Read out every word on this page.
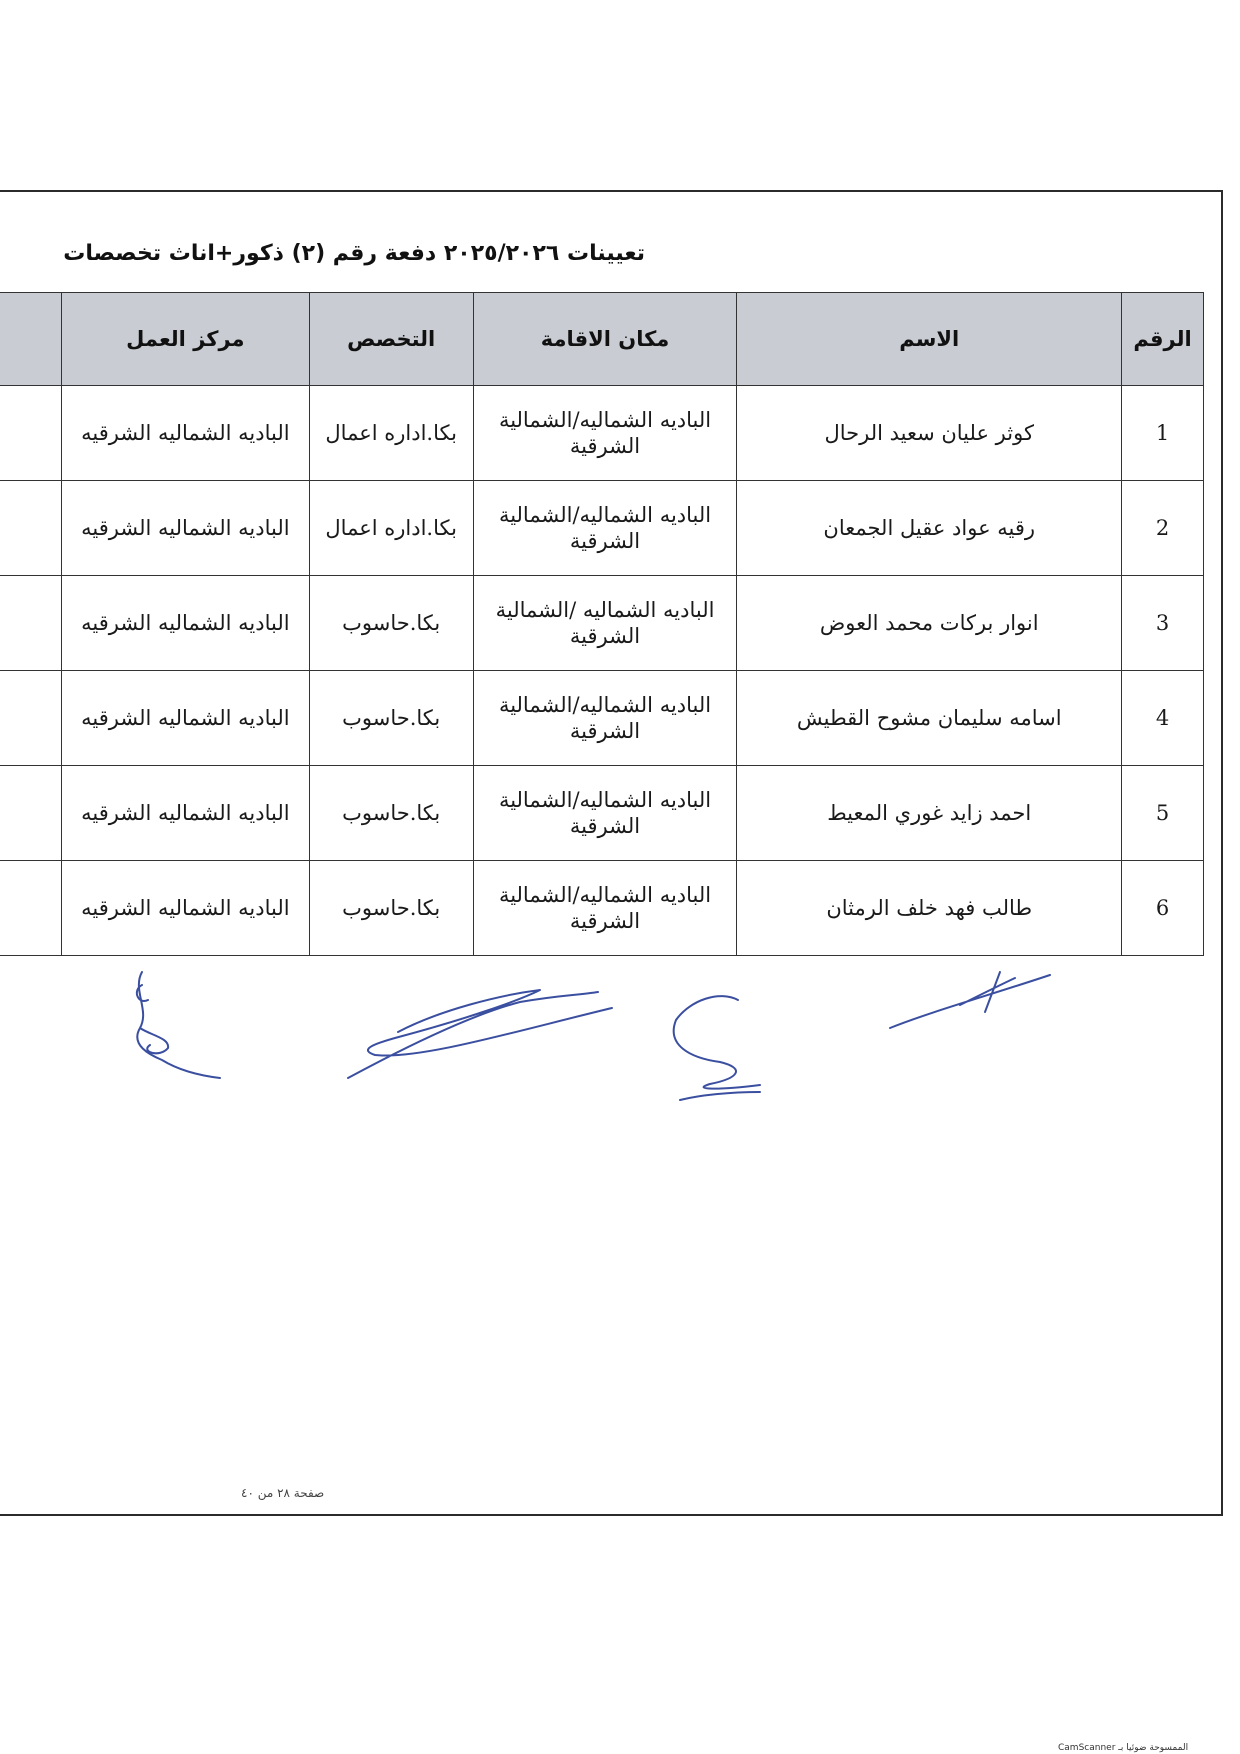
تعيينات ٢٠٢٥/٢٠٢٦ دفعة رقم (٢) ذكور+اناث تخصصات
الرقم	الاسم	مكان الاقامة	التخصص	مركز العمل	
1	كوثر عليان سعيد الرحال	الباديه الشماليه/الشمالية الشرقية	بكا.اداره اعمال	الباديه الشماليه الشرقيه	
2	رقيه عواد عقيل الجمعان	الباديه الشماليه/الشمالية الشرقية	بكا.اداره اعمال	الباديه الشماليه الشرقيه	
3	انوار بركات محمد العوض	الباديه الشماليه /الشمالية الشرقية	بكا.حاسوب	الباديه الشماليه الشرقيه	
4	اسامه سليمان مشوح القطيش	الباديه الشماليه/الشمالية الشرقية	بكا.حاسوب	الباديه الشماليه الشرقيه	
5	احمد زايد غوري المعيط	الباديه الشماليه/الشمالية الشرقية	بكا.حاسوب	الباديه الشماليه الشرقيه	
6	طالب فهد خلف الرمثان	الباديه الشماليه/الشمالية الشرقية	بكا.حاسوب	الباديه الشماليه الشرقيه	
صفحة ٢٨ من ٤٠
الممسوحة ضوئيا بـ CamScanner
